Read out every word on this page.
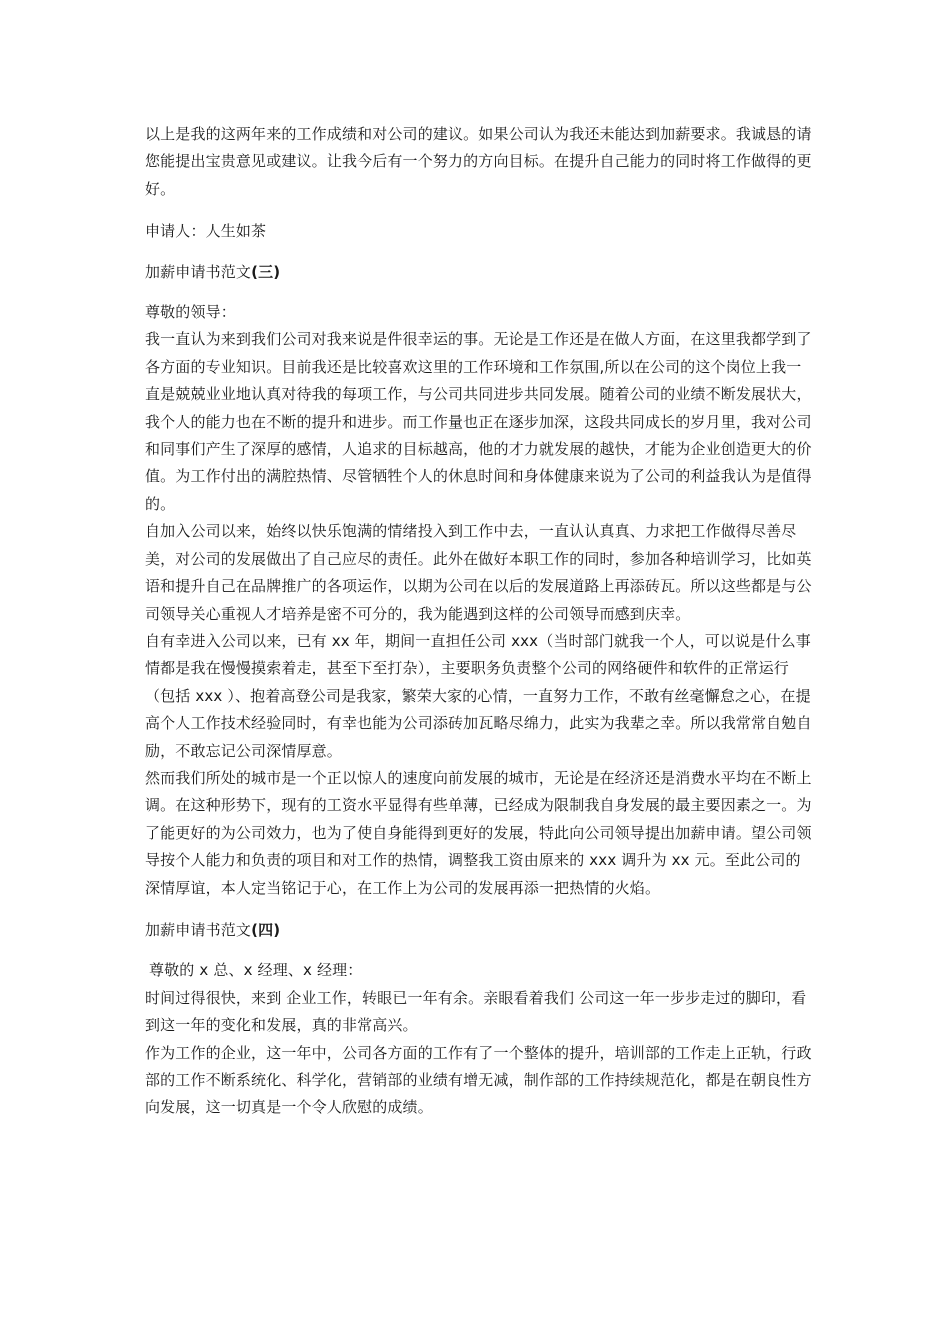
以上是我的这两年来的工作成绩和对公司的建议。如果公司认为我还未能达到加薪要求。我诚恳的请您能提出宝贵意见或建议。让我今后有一个努力的方向目标。在提升自己能力的同时将工作做得的更好。

申请人：人生如茶

加薪申请书范文(三)

尊敬的领导：

我一直认为来到我们公司对我来说是件很幸运的事。无论是工作还是在做人方面，在这里我都学到了各方面的专业知识。目前我还是比较喜欢这里的工作环境和工作氛围,所以在公司的这个岗位上我一直是兢兢业业地认真对待我的每项工作，与公司共同进步共同发展。随着公司的业绩不断发展状大，我个人的能力也在不断的提升和进步。而工作量也正在逐步加深，这段共同成长的岁月里，我对公司和同事们产生了深厚的感情，人追求的目标越高，他的才力就发展的越快，才能为企业创造更大的价值。为工作付出的满腔热情、尽管牺牲个人的休息时间和身体健康来说为了公司的利益我认为是值得的。

自加入公司以来，始终以快乐饱满的情绪投入到工作中去，一直认认真真、力求把工作做得尽善尽美，对公司的发展做出了自己应尽的责任。此外在做好本职工作的同时，参加各种培训学习，比如英语和提升自己在品牌推广的各项运作，以期为公司在以后的发展道路上再添砖瓦。所以这些都是与公司领导关心重视人才培养是密不可分的，我为能遇到这样的公司领导而感到庆幸。

自有幸进入公司以来，已有 xx 年，期间一直担任公司 xxx（当时部门就我一个人，可以说是什么事情都是我在慢慢摸索着走，甚至下至打杂），主要职务负责整个公司的网络硬件和软件的正常运行（包括 xxx ）、抱着高登公司是我家，繁荣大家的心情，一直努力工作，不敢有丝毫懈怠之心，在提高个人工作技术经验同时，有幸也能为公司添砖加瓦略尽绵力，此实为我辈之幸。所以我常常自勉自励，不敢忘记公司深情厚意。

然而我们所处的城市是一个正以惊人的速度向前发展的城市，无论是在经济还是消费水平均在不断上调。在这种形势下，现有的工资水平显得有些单薄，已经成为限制我自身发展的最主要因素之一。为了能更好的为公司效力，也为了使自身能得到更好的发展，特此向公司领导提出加薪申请。望公司领导按个人能力和负责的项目和对工作的热情，调整我工资由原来的 xxx 调升为 xx 元。至此公司的深情厚谊，本人定当铭记于心，在工作上为公司的发展再添一把热情的火焰。

加薪申请书范文(四)

尊敬的 x 总、x 经理、x 经理：

时间过得很快，来到 企业工作，转眼已一年有余。亲眼看着我们 公司这一年一步步走过的脚印，看到这一年的变化和发展，真的非常高兴。

作为工作的企业，这一年中，公司各方面的工作有了一个整体的提升，培训部的工作走上正轨，行政部的工作不断系统化、科学化，营销部的业绩有增无减，制作部的工作持续规范化，都是在朝良性方向发展，这一切真是一个令人欣慰的成绩。
